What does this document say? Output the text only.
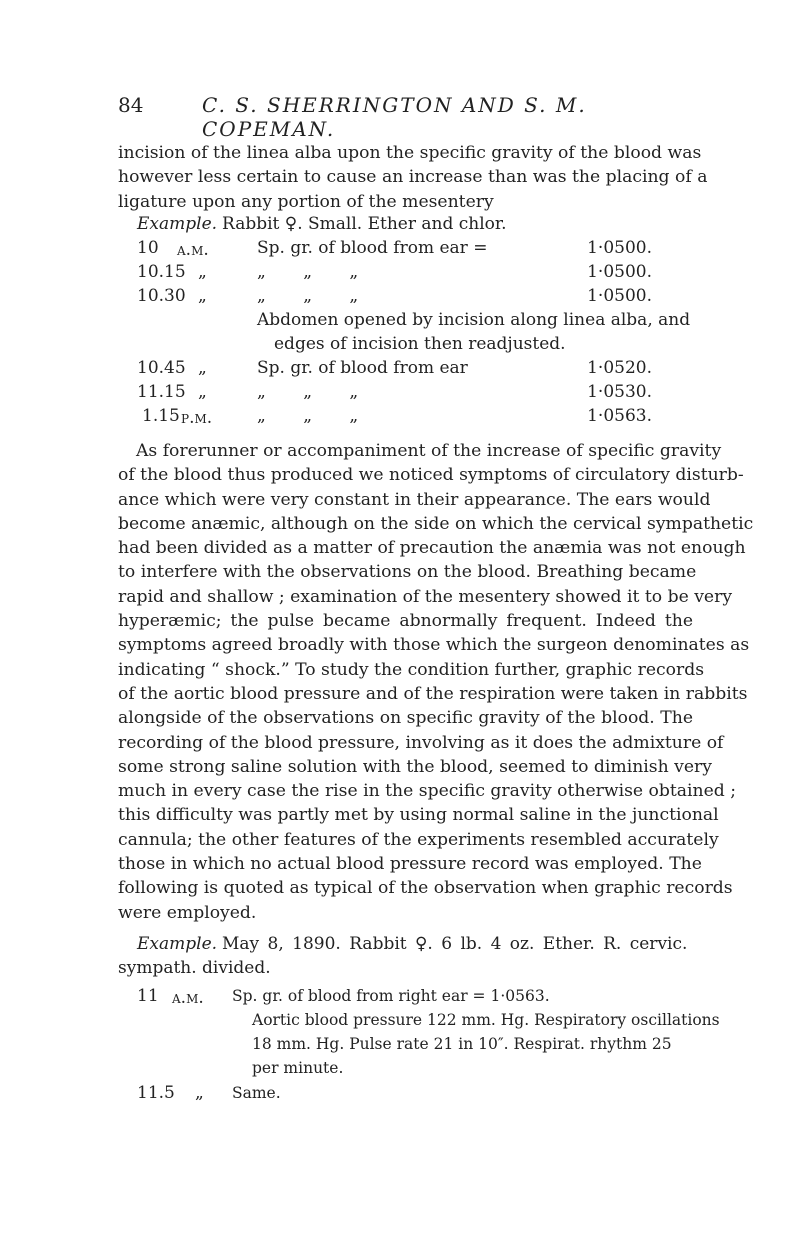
84	C. S. SHERRINGTON AND S. M. COPEMAN.
incision of the linea alba upon the specific gravity of the blood was
however less certain to cause an increase than was the placing of a
ligature upon any portion of the mesentery
Example. Rabbit ♀. Small. Ether and chlor.
10 a.m.	Sp. gr. of blood from ear =	1·0500.
10.15 „	„ „ „	1·0500.
10.30 „	„ „ „	1·0500.
Abdomen opened by incision along linea alba, and
edges of incision then readjusted.
10.45 „	Sp. gr. of blood from ear	1·0520.
11.15 „	„ „ „	1·0530.
1.15 p.m.	„ „ „	1·0563.
As forerunner or accompaniment of the increase of specific gravity
of the blood thus produced we noticed symptoms of circulatory disturb-
ance which were very constant in their appearance. The ears would
become anæmic, although on the side on which the cervical sympathetic
had been divided as a matter of precaution the anæmia was not enough
to interfere with the observations on the blood. Breathing became
rapid and shallow ; examination of the mesentery showed it to be very
hyperæmic; the pulse became abnormally frequent. Indeed the
symptoms agreed broadly with those which the surgeon denominates as
indicating “ shock.” To study the condition further, graphic records
of the aortic blood pressure and of the respiration were taken in rabbits
alongside of the observations on specific gravity of the blood. The
recording of the blood pressure, involving as it does the admixture of
some strong saline solution with the blood, seemed to diminish very
much in every case the rise in the specific gravity otherwise obtained ;
this difficulty was partly met by using normal saline in the junctional
cannula; the other features of the experiments resembled accurately
those in which no actual blood pressure record was employed. The
following is quoted as typical of the observation when graphic records
were employed.
Example. May 8, 1890. Rabbit ♀. 6 lb. 4 oz. Ether. R. cervic.
sympath. divided.
11 a.m. Sp. gr. of blood from right ear = 1·0563.
Aortic blood pressure 122 mm. Hg. Respiratory oscillations
18 mm. Hg. Pulse rate 21 in 10″. Respirat. rhythm 25
per minute.
11.5 „ Same.
